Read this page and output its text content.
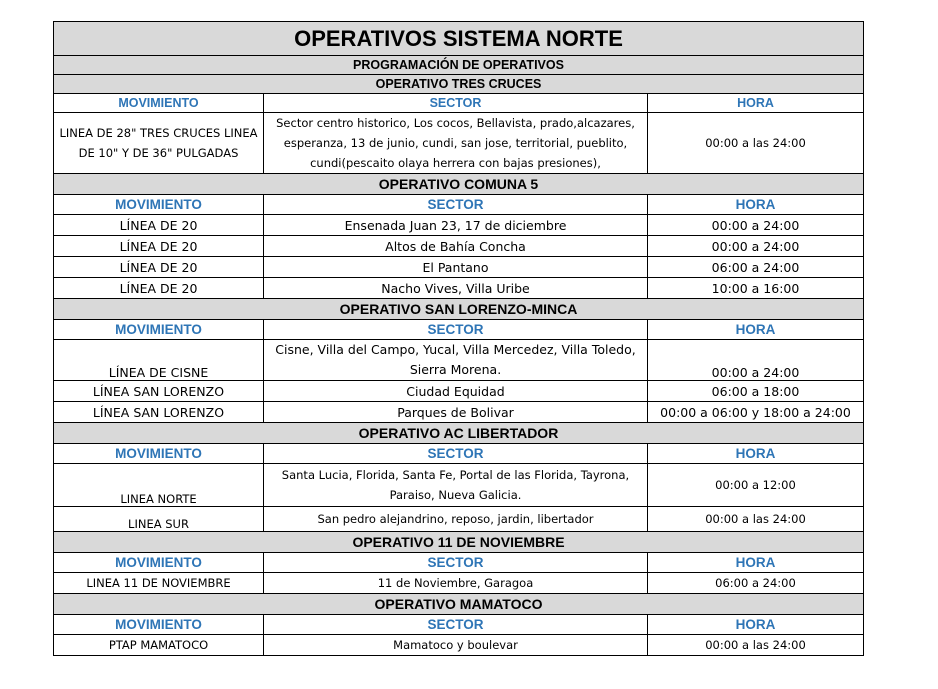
OPERATIVOS SISTEMA NORTE		
PROGRAMACIÓN DE OPERATIVOS		
OPERATIVO TRES CRUCES		
MOVIMIENTO	SECTOR	HORA
LINEA DE 28" TRES CRUCES LINEA DE 10" Y DE 36" PULGADAS	Sector centro historico, Los cocos, Bellavista, prado,alcazares, esperanza, 13 de junio, cundi, san jose, territorial, pueblito, cundi(pescaito olaya herrera con bajas presiones),	00:00 a las 24:00
OPERATIVO COMUNA 5		
MOVIMIENTO	SECTOR	HORA
LÍNEA DE 20	Ensenada Juan 23, 17 de diciembre	00:00 a 24:00
LÍNEA DE 20	Altos de Bahía Concha	00:00 a 24:00
LÍNEA DE 20	El Pantano	06:00 a 24:00
LÍNEA DE 20	Nacho Vives, Villa Uribe	10:00 a 16:00
OPERATIVO SAN LORENZO-MINCA		
MOVIMIENTO	SECTOR	HORA
LÍNEA DE CISNE	Cisne, Villa del Campo, Yucal, Villa Mercedez, Villa Toledo, Sierra Morena.	00:00 a 24:00
LÍNEA SAN LORENZO	Ciudad Equidad	06:00 a 18:00
LÍNEA SAN LORENZO	Parques de Bolivar	00:00 a 06:00 y 18:00 a 24:00
OPERATIVO AC LIBERTADOR		
MOVIMIENTO	SECTOR	HORA
LINEA NORTE	Santa Lucia, Florida, Santa Fe, Portal de las Florida, Tayrona, Paraiso, Nueva Galicia.	00:00 a 12:00
LINEA SUR	San pedro alejandrino, reposo, jardin, libertador	00:00 a las 24:00
OPERATIVO 11 DE NOVIEMBRE		
MOVIMIENTO	SECTOR	HORA
LINEA 11 DE NOVIEMBRE	11 de Noviembre, Garagoa	06:00 a 24:00
OPERATIVO MAMATOCO		
MOVIMIENTO	SECTOR	HORA
PTAP MAMATOCO	Mamatoco y boulevar	00:00 a las 24:00
